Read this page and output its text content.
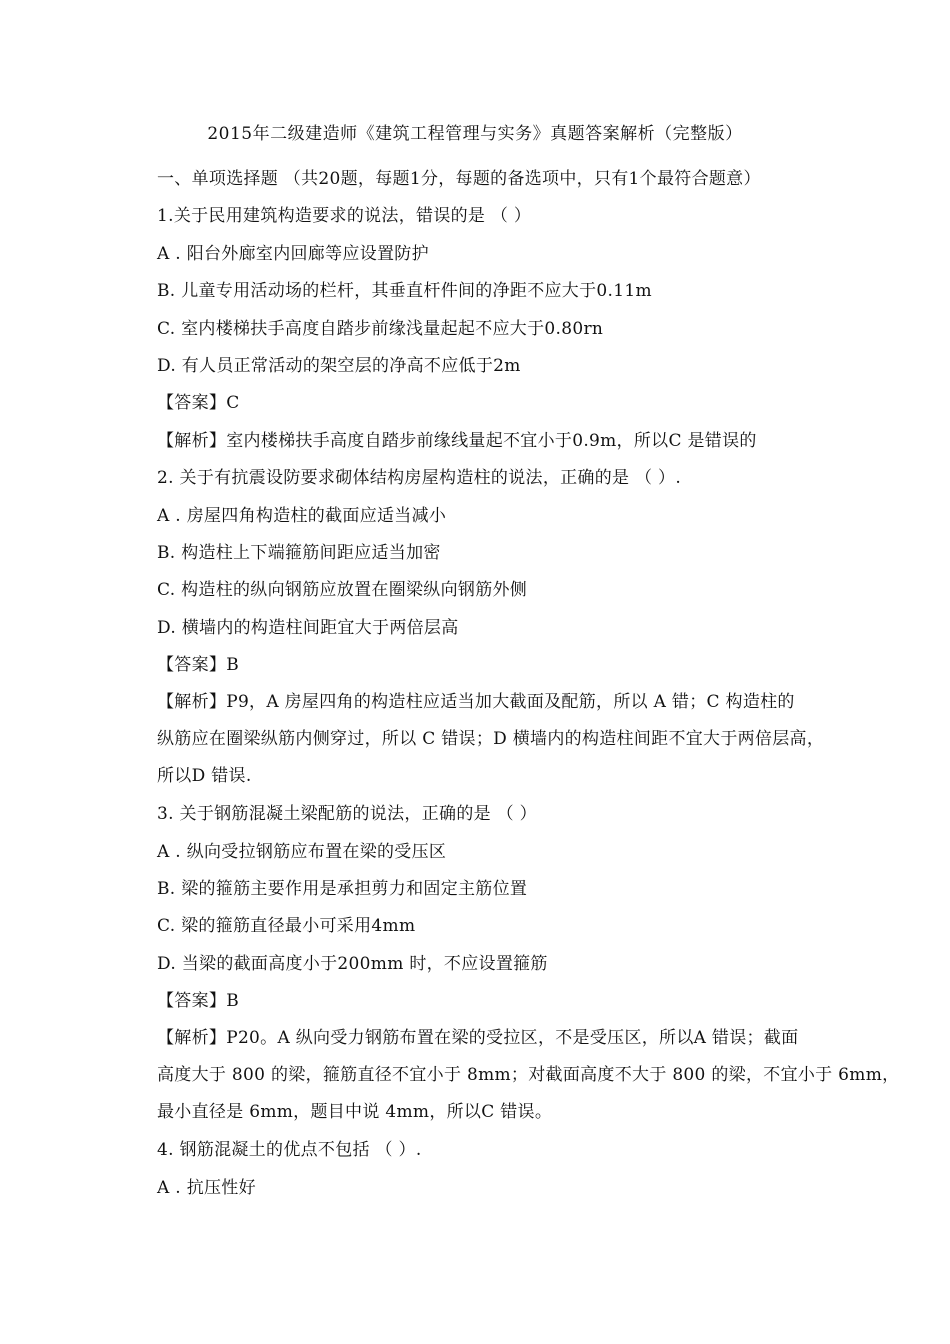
2015年二级建造师《建筑工程管理与实务》真题答案解析（完整版）
一、单项选择题 （共20题，每题1分，每题的备选项中，只有1个最符合题意）
1.关于民用建筑构造要求的说法，错误的是 （ ）
A . 阳台外廊室内回廊等应设置防护
B. 儿童专用活动场的栏杆，其垂直杆件间的净距不应大于0.11m
C. 室内楼梯扶手高度自踏步前缘浅量起起不应大于0.80rn
D. 有人员正常活动的架空层的净高不应低于2m
【答案】C
【解析】室内楼梯扶手高度自踏步前缘线量起不宜小于0.9m，所以C 是错误的
2. 关于有抗震设防要求砌体结构房屋构造柱的说法，正确的是 （ ）.
A . 房屋四角构造柱的截面应适当减小
B. 构造柱上下端箍筋间距应适当加密
C. 构造柱的纵向钢筋应放置在圈梁纵向钢筋外侧
D. 横墙内的构造柱间距宜大于两倍层高
【答案】B
【解析】P9，A 房屋四角的构造柱应适当加大截面及配筋，所以 A 错；C 构造柱的
纵筋应在圈梁纵筋内侧穿过，所以 C 错误；D 横墙内的构造柱间距不宜大于两倍层高，
所以D 错误.
3. 关于钢筋混凝土梁配筋的说法，正确的是 （ ）
A . 纵向受拉钢筋应布置在梁的受压区
B. 梁的箍筋主要作用是承担剪力和固定主筋位置
C. 梁的箍筋直径最小可采用4mm
D. 当梁的截面高度小于200mm 时，不应设置箍筋
【答案】B
【解析】P20。A 纵向受力钢筋布置在梁的受拉区，不是受压区，所以A 错误；截面
高度大于 800 的梁，箍筋直径不宜小于 8mm；对截面高度不大于 800 的梁，不宜小于 6mm，
最小直径是 6mm，题目中说 4mm，所以C 错误。
4. 钢筋混凝土的优点不包括 （ ）.
A . 抗压性好
